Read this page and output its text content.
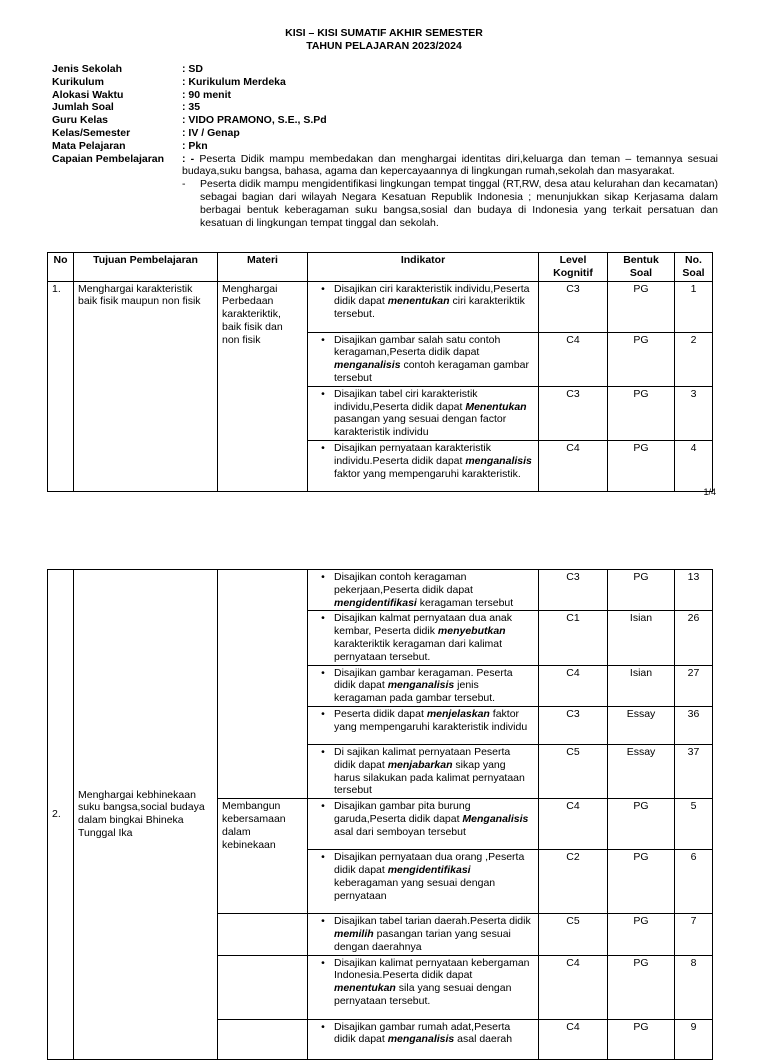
KISI – KISI SUMATIF AKHIR SEMESTER
TAHUN PELAJARAN 2023/2024
Jenis Sekolah	: SD
Kurikulum	: Kurikulum Merdeka
Alokasi Waktu	: 90 menit
Jumlah Soal	: 35
Guru Kelas	: VIDO PRAMONO, S.E., S.Pd
Kelas/Semester	: IV / Genap
Mata Pelajaran	: Pkn
Capaian Pembelajaran	: - Peserta Didik mampu membedakan dan menghargai identitas diri,keluarga dan teman – temannya sesuai budaya,suku bangsa, bahasa, agama dan kepercayaannya di lingkungan rumah,sekolah dan masyarakat.
-	Peserta didik mampu mengidentifikasi lingkungan tempat tinggal (RT,RW, desa atau kelurahan dan kecamatan) sebagai bagian dari wilayah Negara Kesatuan Republik Indonesia ; menunjukkan sikap Kerjasama dalam berbagai bentuk keberagaman suku bangsa,sosial dan budaya di Indonesia yang terkait persatuan dan kesatuan di lingkungan tempat tinggal dan sekolah.
No	Tujuan Pembelajaran	Materi	Indikator	Level Kognitif	Bentuk Soal	No. Soal
1.	Menghargai karakteristik baik fisik maupun non fisik	Menghargai Perbedaan karakteriktik, baik fisik dan non fisik	• Disajikan ciri karakteristik individu,Peserta didik dapat menentukan ciri karakteriktik tersebut.	C3	PG	1

			• Disajikan gambar salah satu contoh keragaman,Peserta didik dapat menganalisis contoh keragaman gambar tersebut	C4	PG	2

			• Disajikan tabel ciri karakteristik individu,Peserta didik dapat Menentukan pasangan yang sesuai dengan factor karakteristik individu	C3	PG	3

			• Disajikan pernyataan karakteristik individu.Peserta didik dapat menganalisis faktor yang mempengaruhi karakteristik.	C4	PG	4
1/4
2.	Menghargai kebhinekaan suku bangsa,social budaya dalam bingkai Bhineka Tunggal Ika		• Disajikan contoh keragaman pekerjaan,Peserta didik dapat mengidentifikasi keragaman tersebut	C3	PG	13

			• Disajikan kalmat pernyataan dua anak kembar, Peserta didik menyebutkan karakteriktik keragaman dari kalimat pernyataan tersebut.	C1	Isian	26

			• Disajikan gambar keragaman. Peserta didik dapat menganalisis jenis keragaman pada gambar tersebut.	C4	Isian	27

			• Peserta didik dapat menjelaskan faktor yang mempengaruhi karakteristik individu	C3	Essay	36

			• Di sajikan kalimat pernyataan Peserta didik dapat menjabarkan sikap yang harus silakukan pada kalimat pernyataan tersebut	C5	Essay	37
		Membangun kebersamaan dalam kebinekaan	• Disajikan gambar pita burung garuda,Peserta didik dapat Menganalisis asal dari semboyan tersebut	C4	PG	5

			• Disajikan pernyataan dua orang ,Peserta didik dapat mengidentifikasi keberagaman yang sesuai dengan pernyataan	C2	PG	6

			• Disajikan tabel tarian daerah.Peserta didik memilih pasangan tarian yang sesuai dengan daerahnya	C5	PG	7

			• Disajikan kalimat pernyataan kebergaman Indonesia.Peserta didik dapat menentukan sila yang sesuai dengan pernyataan tersebut.	C4	PG	8

			• Disajikan gambar rumah adat,Peserta didik dapat menganalisis asal daerah	C4	PG	9
